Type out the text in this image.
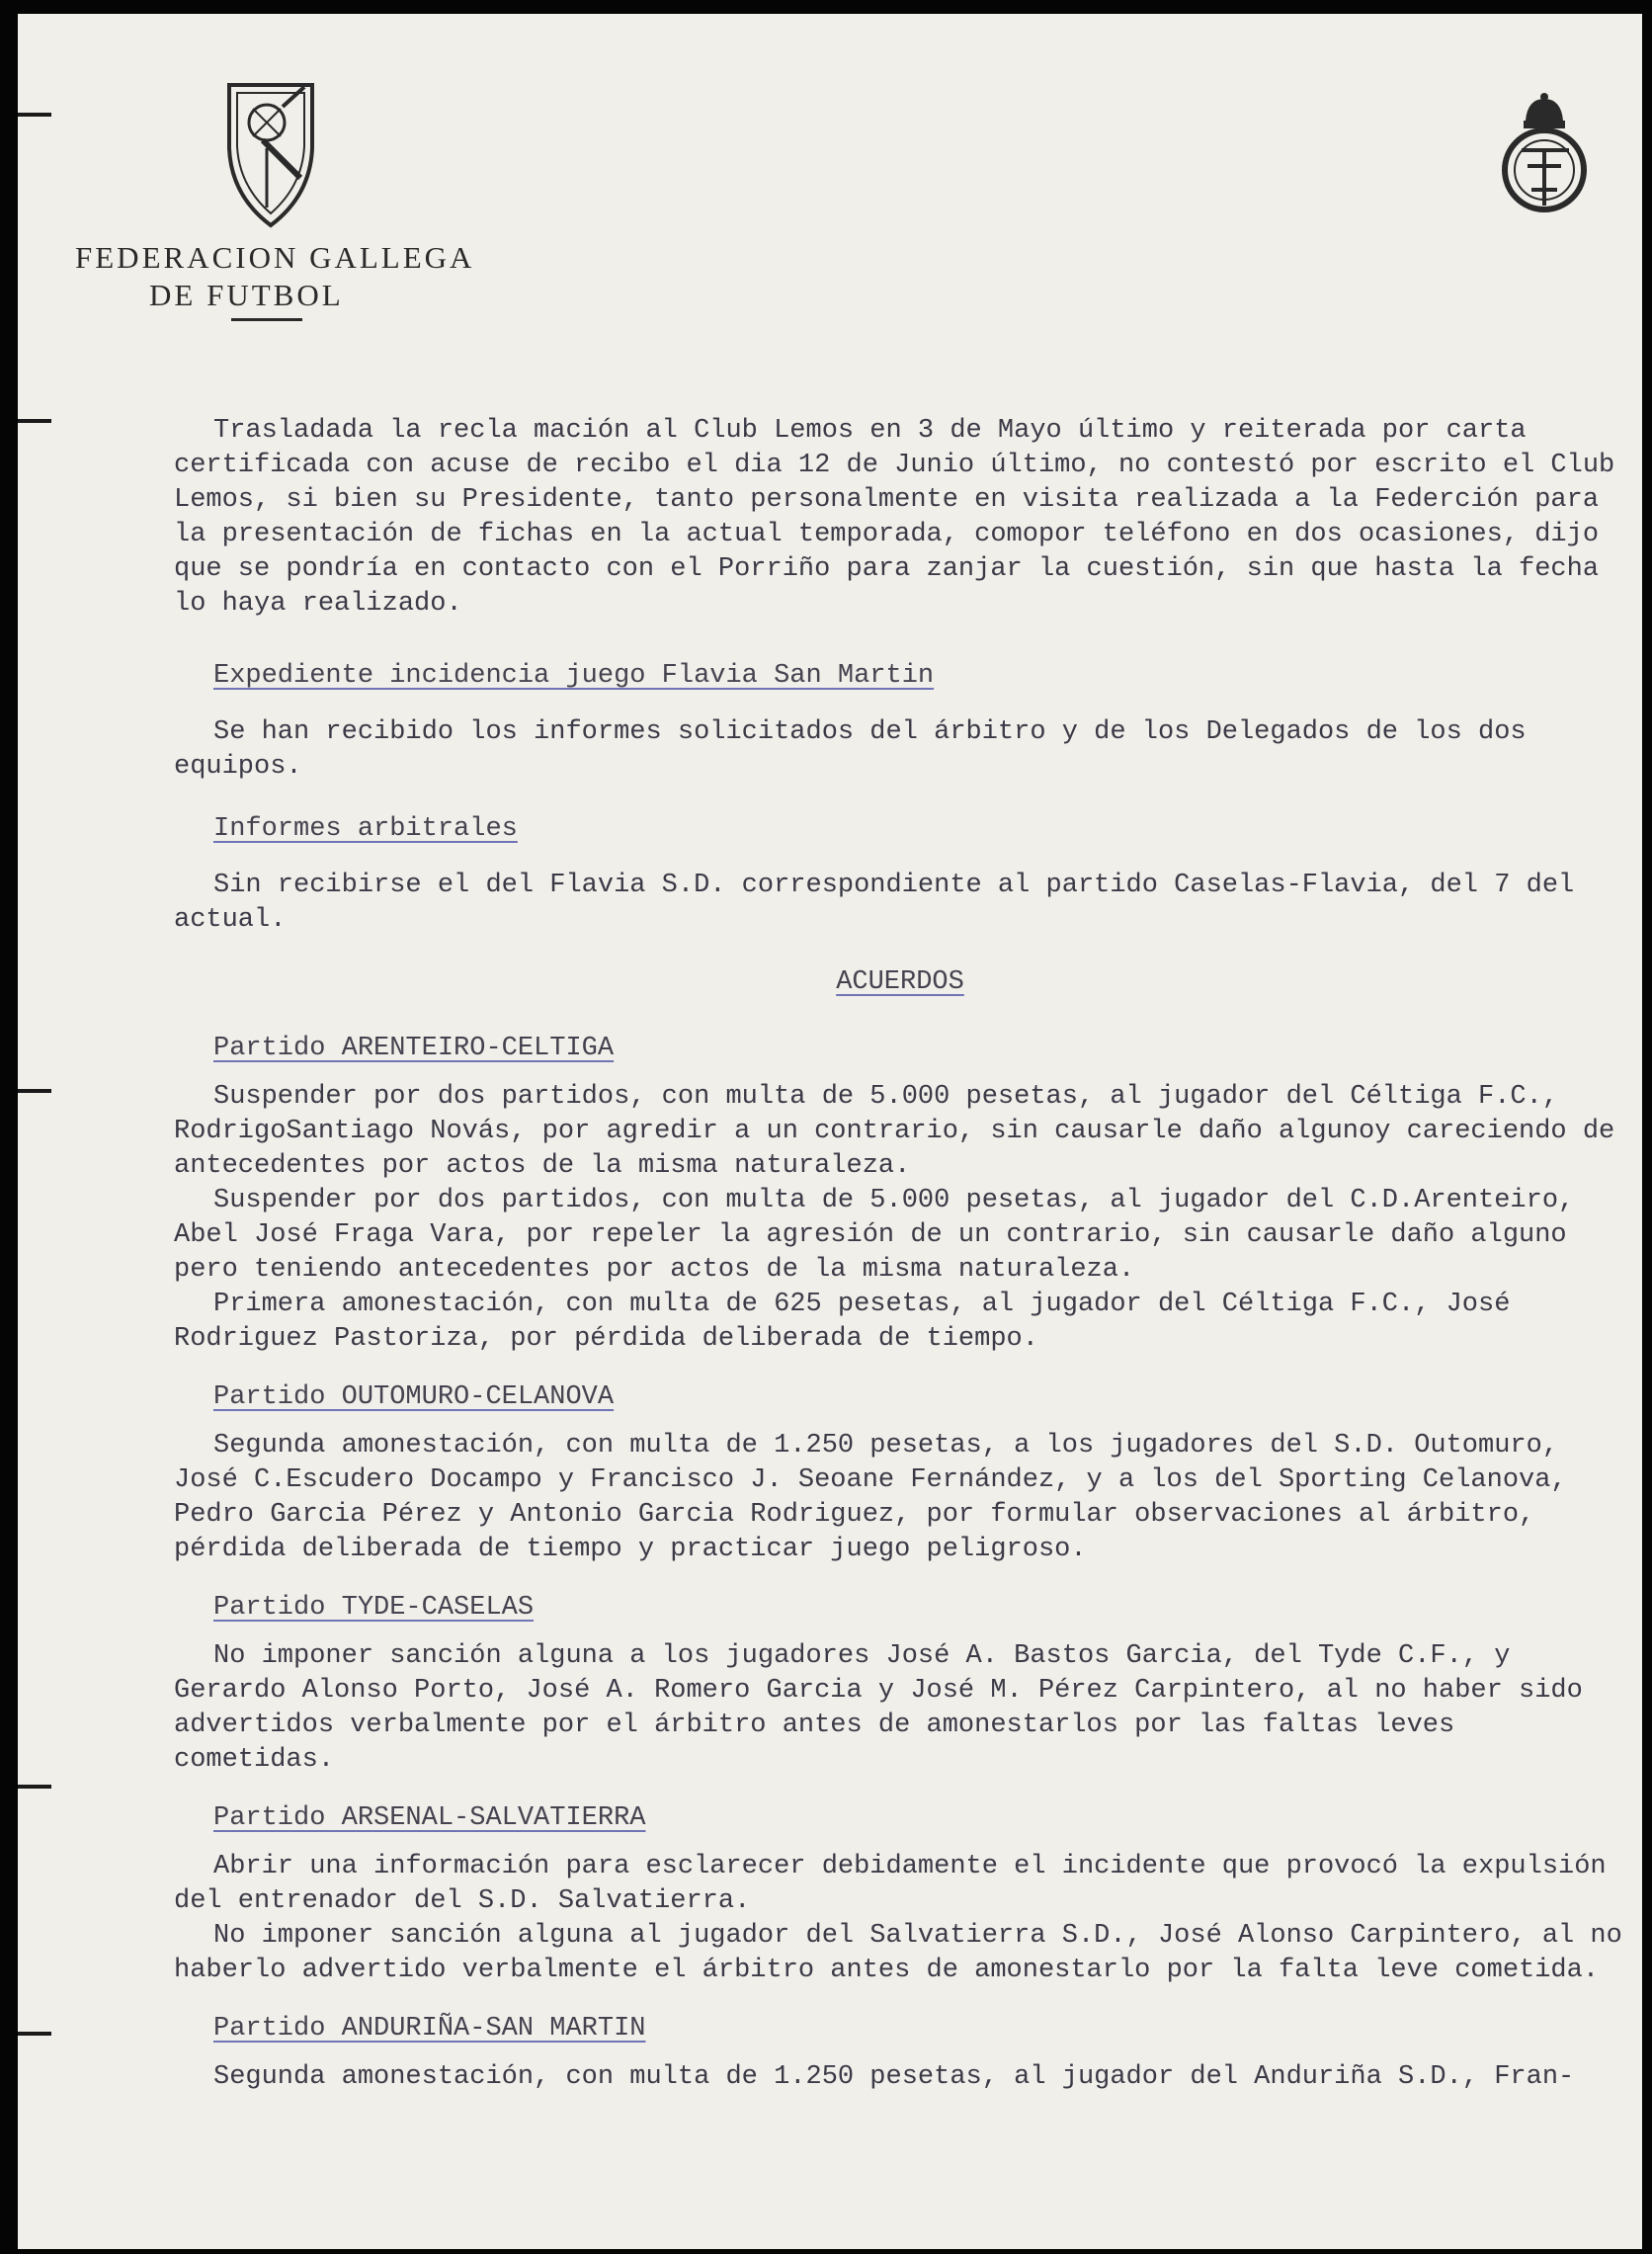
FEDERACION GALLEGA
DE FUTBOL

Trasladada la recla mación al Club Lemos en 3 de Mayo último y reiterada por carta certificada con acuse de recibo el dia 12 de Junio último, no contestó por escrito el Club Lemos, si bien su Presidente, tanto personalmente en visita realizada a la Federción para la presentación de fichas en la actual temporada, comopor teléfono en dos ocasiones, dijo que se pondría en contacto con el Porriño para zanjar la cuestión, sin que hasta la fecha lo haya realizado.

Expediente incidencia juego Flavia San Martin

Se han recibido los informes solicitados del árbitro y de los Delegados de los dos equipos.

Informes arbitrales

Sin recibirse el del Flavia S.D. correspondiente al partido Caselas-Flavia, del 7 del actual.

ACUERDOS

Partido ARENTEIRO-CELTIGA

Suspender por dos partidos, con multa de 5.000 pesetas, al jugador del Céltiga F.C., RodrigoSantiago Novás, por agredir a un contrario, sin causarle daño algunoy careciendo de antecedentes por actos de la misma naturaleza.

Suspender por dos partidos, con multa de 5.000 pesetas, al jugador del C.D.Arenteiro, Abel José Fraga Vara, por repeler la agresión de un contrario, sin causarle daño alguno pero teniendo antecedentes por actos de la misma naturaleza.

Primera amonestación, con multa de 625 pesetas, al jugador del Céltiga F.C., José Rodriguez Pastoriza, por pérdida deliberada de tiempo.

Partido OUTOMURO-CELANOVA

Segunda amonestación, con multa de 1.250 pesetas, a los jugadores del S.D. Outomuro, José C.Escudero Docampo y Francisco J. Seoane Fernández, y a los del Sporting Celanova, Pedro Garcia Pérez y Antonio Garcia Rodriguez, por formular observaciones al árbitro, pérdida deliberada de tiempo y practicar juego peligroso.

Partido TYDE-CASELAS

No imponer sanción alguna a los jugadores José A. Bastos Garcia, del Tyde C.F., y Gerardo Alonso Porto, José A. Romero Garcia y José M. Pérez Carpintero, al no haber sido advertidos verbalmente por el árbitro antes de amonestarlos por las faltas leves cometidas.

Partido ARSENAL-SALVATIERRA

Abrir una información para esclarecer debidamente el incidente que provocó la expulsión del entrenador del S.D. Salvatierra.

No imponer sanción alguna al jugador del Salvatierra S.D., José Alonso Carpintero, al no haberlo advertido verbalmente el árbitro antes de amonestarlo por la falta leve cometida.

Partido ANDURIÑA-SAN MARTIN

Segunda amonestación, con multa de 1.250 pesetas, al jugador del Anduriña S.D., Fran-
